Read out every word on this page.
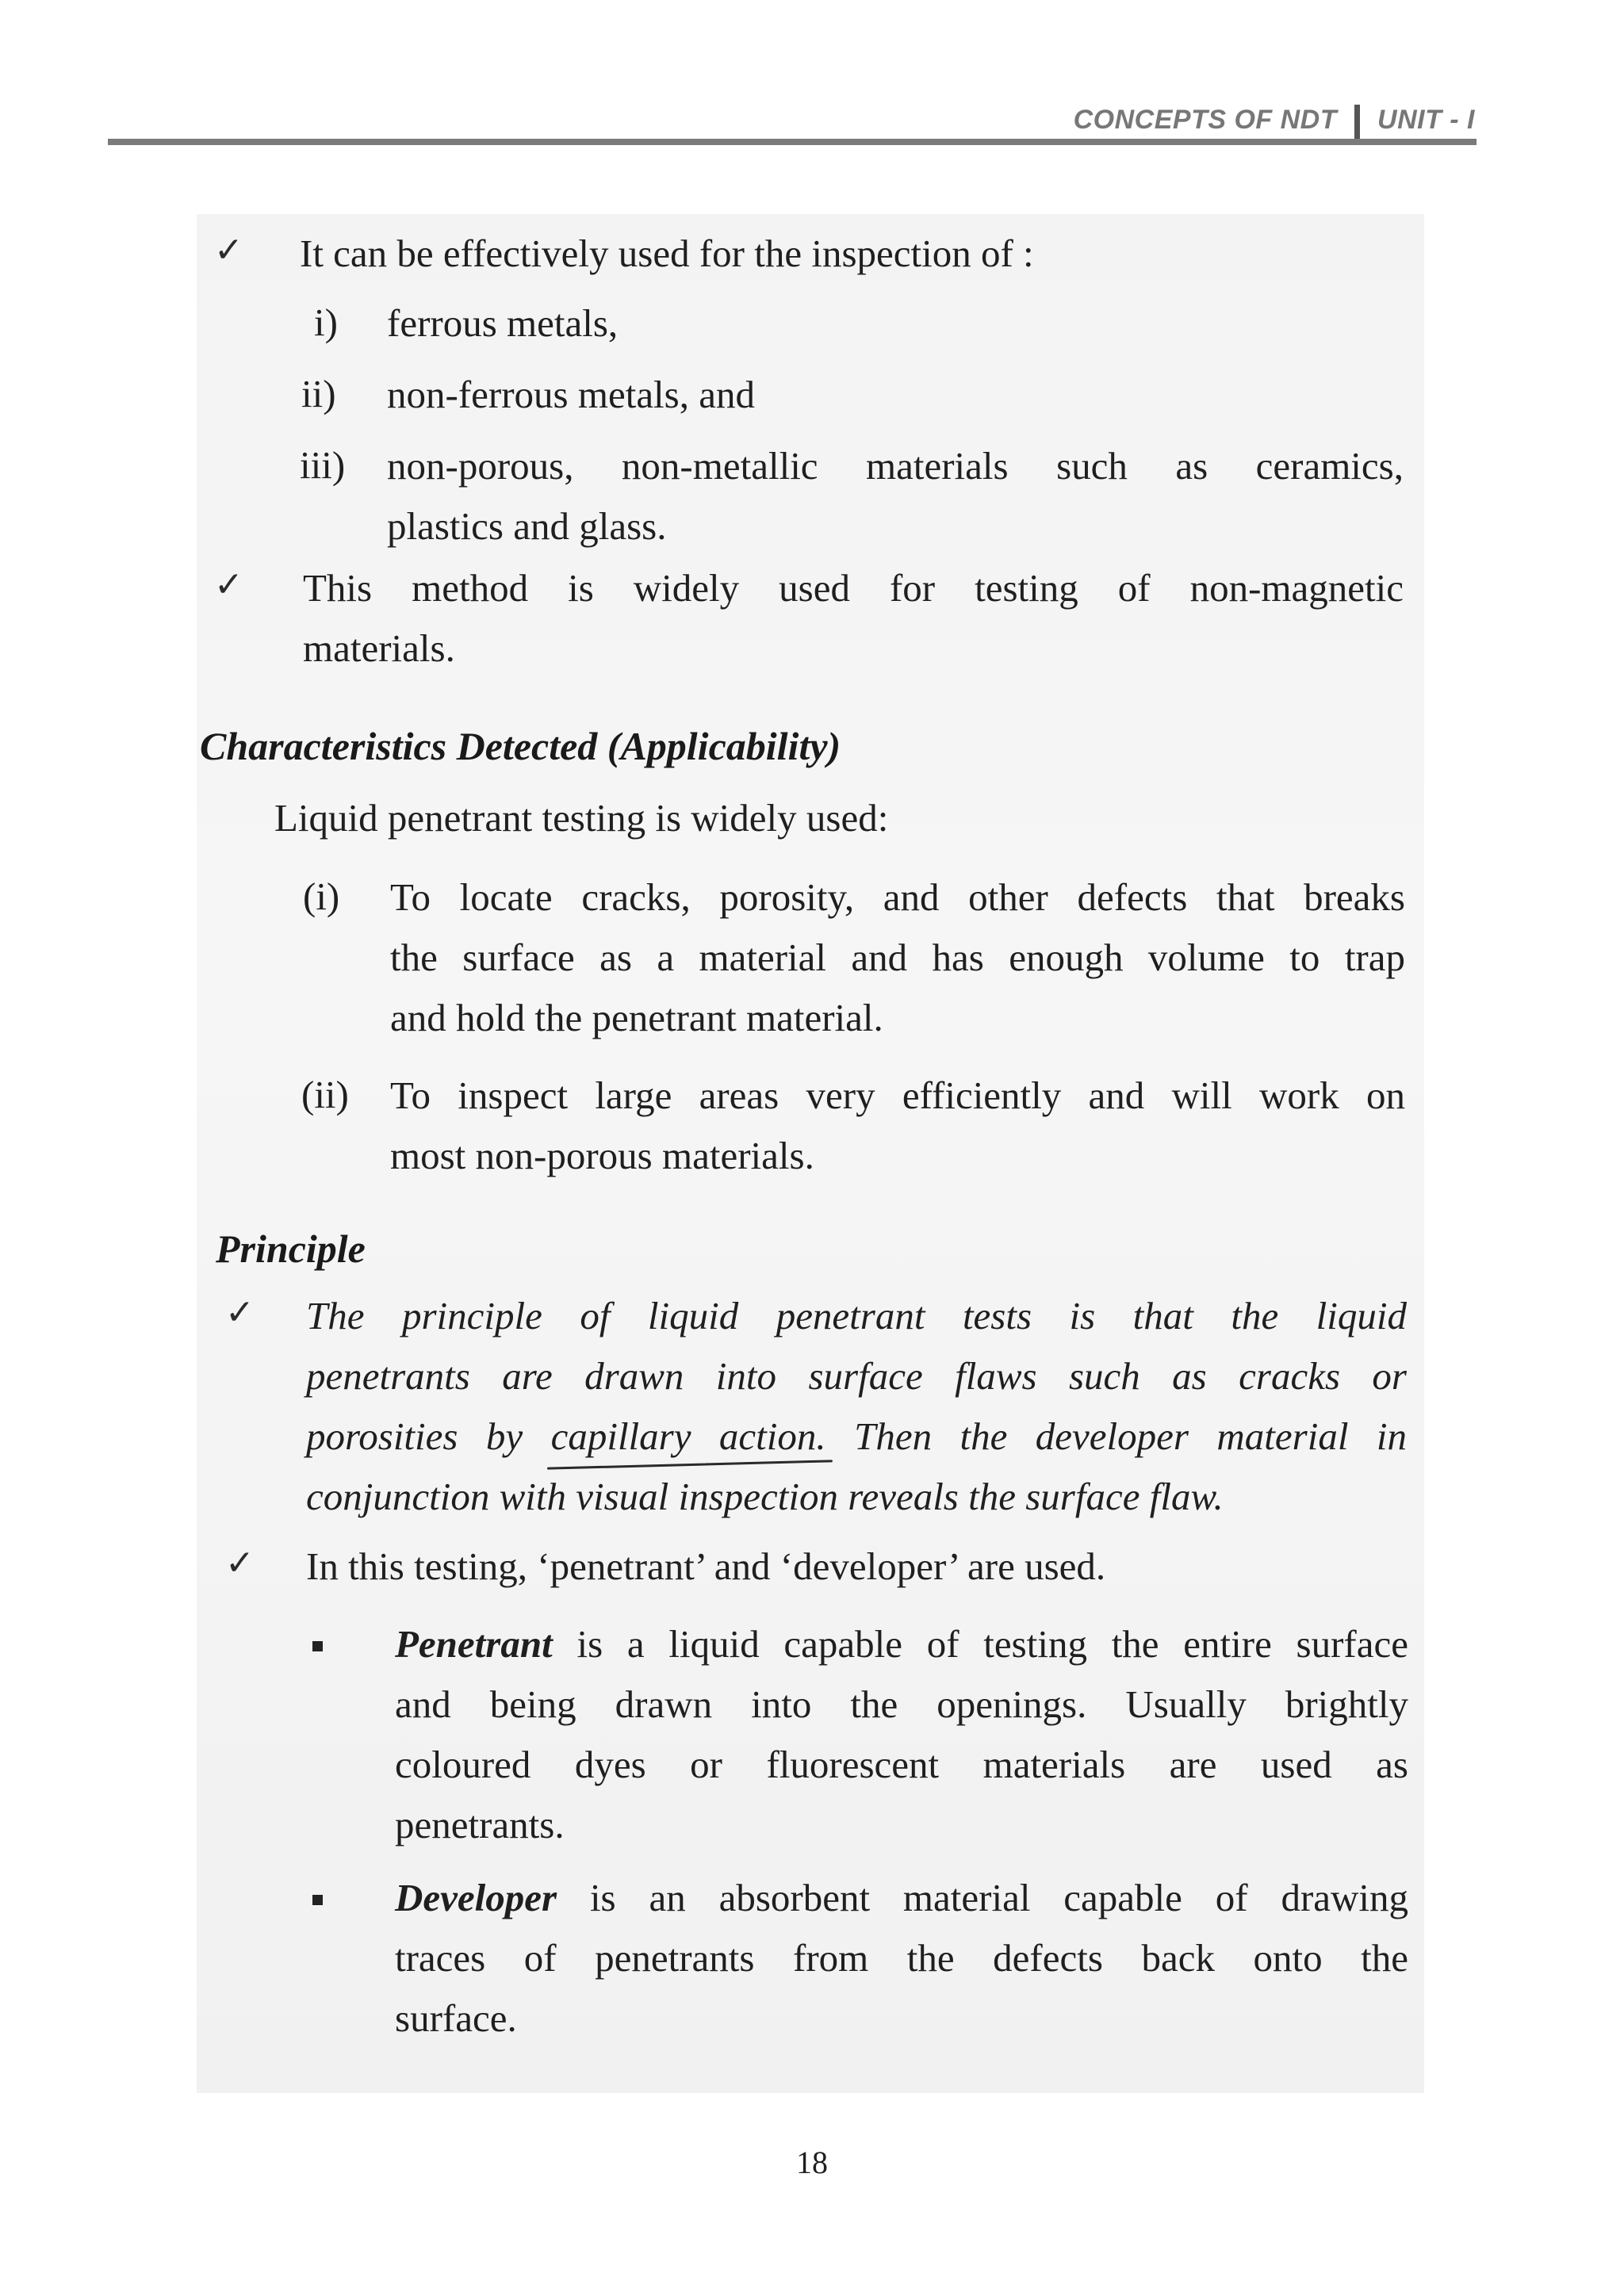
CONCEPTS OF NDT UNIT - I
✓ It can be effectively used for the inspection of :
i) ferrous metals,
ii) non-ferrous metals, and
iii) non-porous, non-metallic materials such as ceramics,
plastics and glass.
✓ This method is widely used for testing of non-magnetic
materials.
Characteristics Detected (Applicability)
Liquid penetrant testing is widely used:
(i) To locate cracks, porosity, and other defects that breaks
the surface as a material and has enough volume to trap
and hold the penetrant material.
(ii) To inspect large areas very efficiently and will work on
most non-porous materials.
Principle
✓ The principle of liquid penetrant tests is that the liquid
penetrants are drawn into surface flaws such as cracks or
porosities by capillary action. Then the developer material in
conjunction with visual inspection reveals the surface flaw.
✓ In this testing, ‘penetrant’ and ‘developer’ are used.
Penetrant is a liquid capable of testing the entire surface
and being drawn into the openings. Usually brightly
coloured dyes or fluorescent materials are used as
penetrants.
Developer is an absorbent material capable of drawing
traces of penetrants from the defects back onto the
surface.
18
